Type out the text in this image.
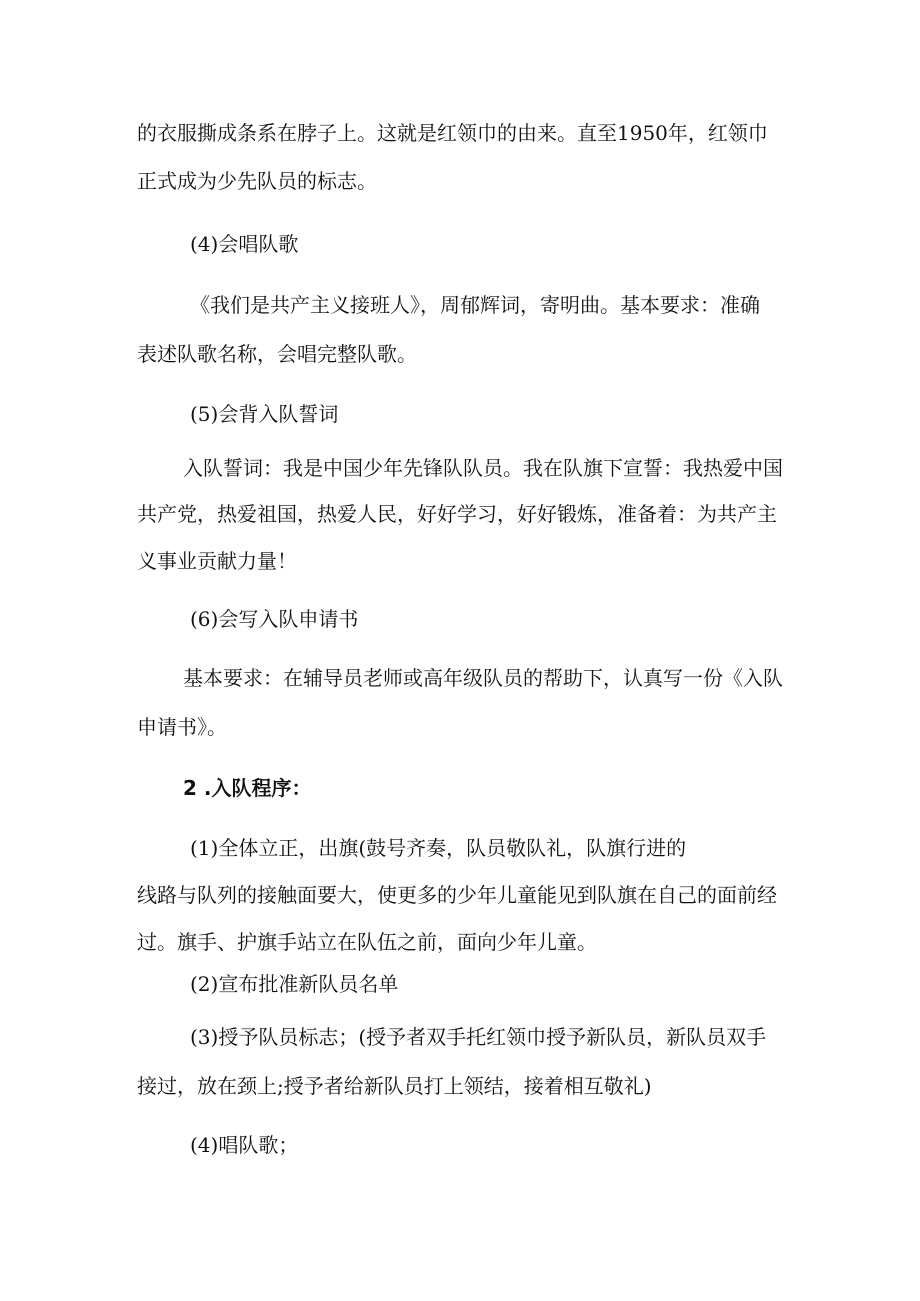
的衣服撕成条系在脖子上。这就是红领巾的由来。直至1950年，红领巾
正式成为少先队员的标志。
(4)会唱队歌
《我们是共产主义接班人》，周郁辉词，寄明曲。基本要求：准确
表述队歌名称，会唱完整队歌。
(5)会背入队誓词
入队誓词：我是中国少年先锋队队员。我在队旗下宣誓：我热爱中国
共产党，热爱祖国，热爱人民，好好学习，好好锻炼，准备着：为共产主
义事业贡献力量！
(6)会写入队申请书
基本要求：在辅导员老师或高年级队员的帮助下，认真写一份《入队
申请书》。
2 .入队程序：
(1)全体立正，出旗(鼓号齐奏，队员敬队礼，队旗行进的
线路与队列的接触面要大，使更多的少年儿童能见到队旗在自己的面前经
过。旗手、护旗手站立在队伍之前，面向少年儿童。
(2)宣布批准新队员名单
(3)授予队员标志；(授予者双手托红领巾授予新队员，新队员双手
接过，放在颈上;授予者给新队员打上领结，接着相互敬礼)
(4)唱队歌；
